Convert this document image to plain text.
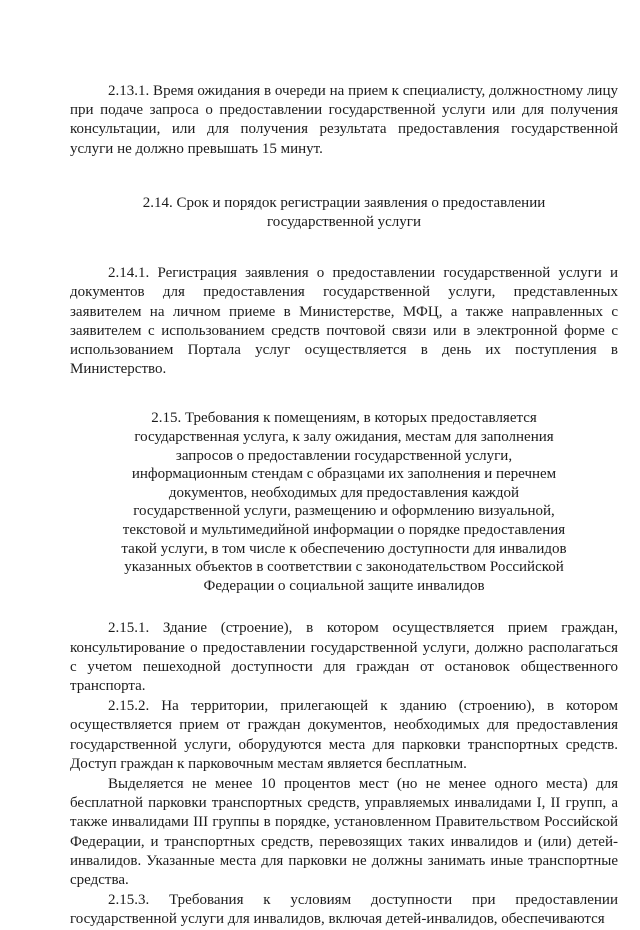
2.13.1. Время ожидания в очереди на прием к специалисту, должностному лицу при подаче запроса о предоставлении государственной услуги или для получения консультации, или для получения результата предоставления государственной услуги не должно превышать 15 минут.

2.14. Срок и порядок регистрации заявления о предоставлении государственной услуги

2.14.1. Регистрация заявления о предоставлении государственной услуги и документов для предоставления государственной услуги, представленных заявителем на личном приеме в Министерстве, МФЦ, а также направленных с заявителем с использованием средств почтовой связи или в электронной форме с использованием Портала услуг осуществляется в день их поступления в Министерство.

2.15. Требования к помещениям, в которых предоставляется государственная услуга, к залу ожидания, местам для заполнения запросов о предоставлении государственной услуги, информационным стендам с образцами их заполнения и перечнем документов, необходимых для предоставления каждой государственной услуги, размещению и оформлению визуальной, текстовой и мультимедийной информации о порядке предоставления такой услуги, в том числе к обеспечению доступности для инвалидов указанных объектов в соответствии с законодательством Российской Федерации о социальной защите инвалидов

2.15.1. Здание (строение), в котором осуществляется прием граждан, консультирование о предоставлении государственной услуги, должно располагаться с учетом пешеходной доступности для граждан от остановок общественного транспорта.

2.15.2. На территории, прилегающей к зданию (строению), в котором осуществляется прием от граждан документов, необходимых для предоставления государственной услуги, оборудуются места для парковки транспортных средств. Доступ граждан к парковочным местам является бесплатным.

Выделяется не менее 10 процентов мест (но не менее одного места) для бесплатной парковки транспортных средств, управляемых инвалидами I, II групп, а также инвалидами III группы в порядке, установленном Правительством Российской Федерации, и транспортных средств, перевозящих таких инвалидов и (или) детей-инвалидов. Указанные места для парковки не должны занимать иные транспортные средства.

2.15.3. Требования к условиям доступности при предоставлении государственной услуги для инвалидов, включая детей-инвалидов, обеспечиваются
